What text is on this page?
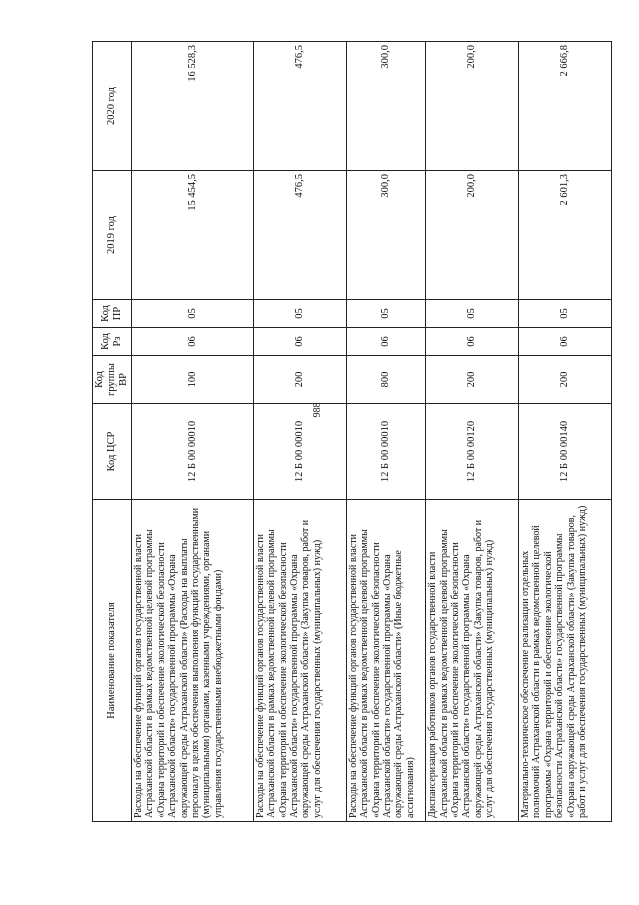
988
Наименование показателя	Код ЦСР	Код группы ВР	Код Рз	Код ПР	2019 год	2020 год
Расходы на обеспечение функций органов государственной власти Астраханской области в рамках ведомственной целевой программы «Охрана территорий и обеспечение экологической безопасности Астраханской области» государственной программы «Охрана окружающей среды Астраханской области» (Расходы на выплаты персоналу в целях обеспечения выполнения функций государственными (муниципальными) органами, казенными учреждениями, органами управления государственными внебюджетными фондами)	12 Б 00 00010	100	06	05	15 454,5	16 528,3
Расходы на обеспечение функций органов государственной власти Астраханской области в рамках ведомственной целевой программы «Охрана территорий и обеспечение экологической безопасности Астраханской области» государственной программы «Охрана окружающей среды Астраханской области» (Закупка товаров, работ и услуг для обеспечения государственных (муниципальных) нужд)	12 Б 00 00010	200	06	05	476,5	476,5
Расходы на обеспечение функций органов государственной власти Астраханской области в рамках ведомственной целевой программы «Охрана территорий и обеспечение экологической безопасности Астраханской области» государственной программы «Охрана окружающей среды Астраханской области» (Иные бюджетные ассигнования)	12 Б 00 00010	800	06	05	300,0	300,0
Диспансеризация работников органов государственной власти Астраханской области в рамках ведомственной целевой программы «Охрана территорий и обеспечение экологической безопасности Астраханской области» государственной программы «Охрана окружающей среды Астраханской области» (Закупка товаров, работ и услуг для обеспечения государственных (муниципальных) нужд)	12 Б 00 00120	200	06	05	200,0	200,0
Материально-техническое обеспечение реализации отдельных полномочий Астраханской области в рамках ведомственной целевой программы «Охрана территорий и обеспечение экологической безопасности Астраханской области» государственной программы «Охрана окружающей среды Астраханской области» (Закупка товаров, работ и услуг для обеспечения государственных (муниципальных) нужд)	12 Б 00 00140	200	06	05	2 601,3	2 666,8
